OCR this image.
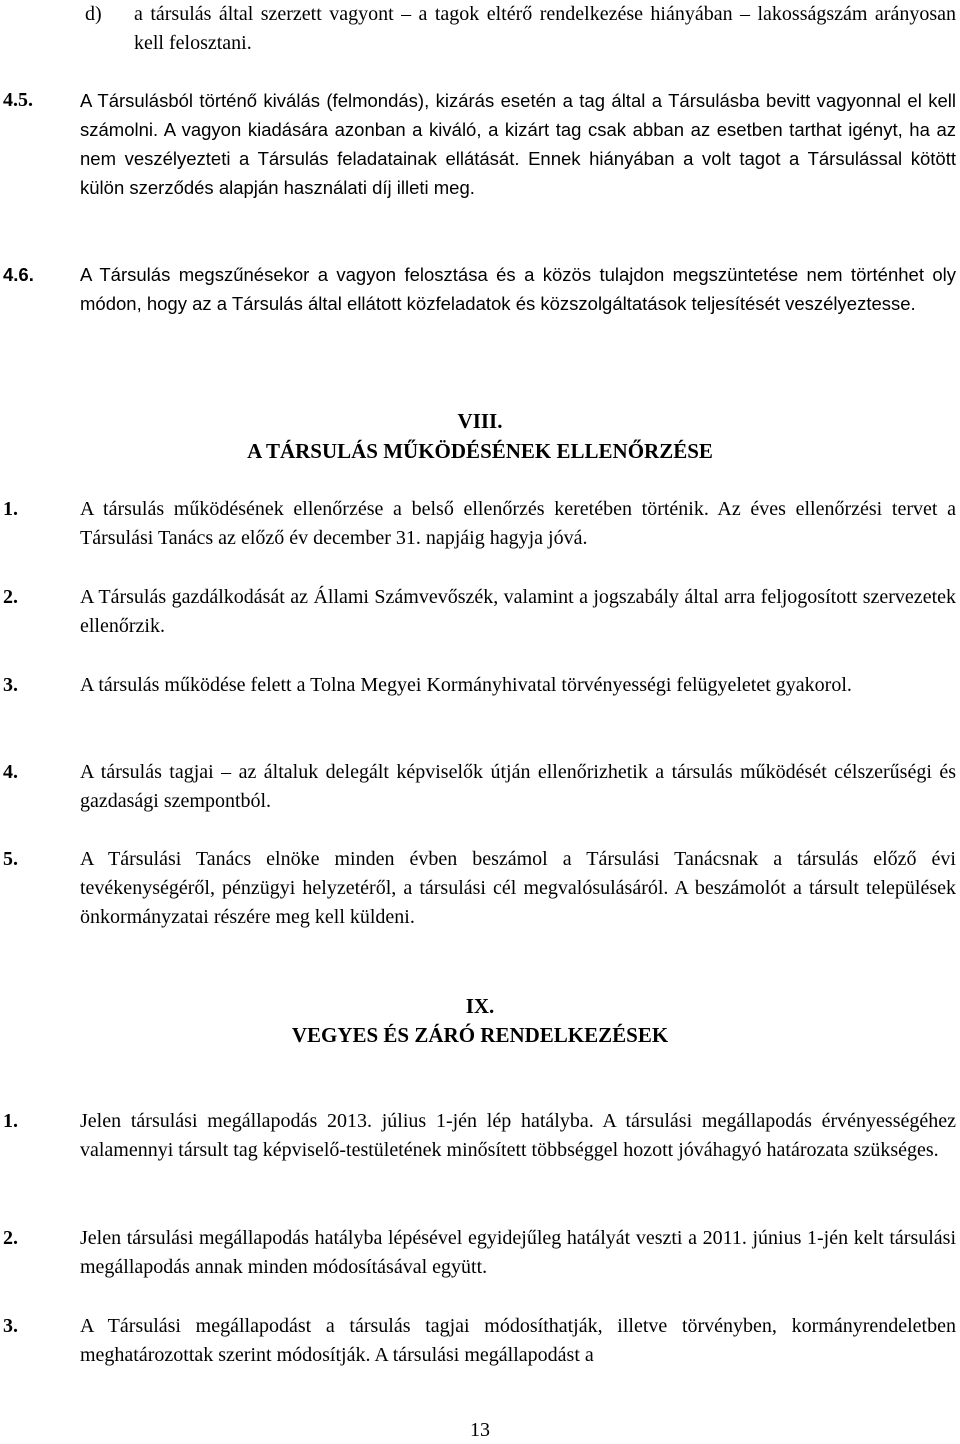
d) a társulás által szerzett vagyont – a tagok eltérő rendelkezése hiányában – lakosságszám arányosan kell felosztani.
4.5.	A Társulásból történő kiválás (felmondás), kizárás esetén a tag által a Társulásba bevitt vagyonnal el kell számolni. A vagyon kiadására azonban a kiváló, a kizárt tag csak abban az esetben tarthat igényt, ha az nem veszélyezteti a Társulás feladatainak ellátását. Ennek hiányában a volt tagot a Társulással kötött külön szerződés alapján használati díj illeti meg.
4.6. A Társulás megszűnésekor a vagyon felosztása és a közös tulajdon megszüntetése nem történhet oly módon, hogy az a Társulás által ellátott közfeladatok és közszolgáltatások teljesítését veszélyeztesse.
VIII.
A TÁRSULÁS MŰKÖDÉSÉNEK ELLENŐRZÉSE
1.	A társulás működésének ellenőrzése a belső ellenőrzés keretében történik. Az éves ellenőrzési tervet a Társulási Tanács az előző év december 31. napjáig hagyja jóvá.
2.	A Társulás gazdálkodását az Állami Számvevőszék, valamint a jogszabály által arra feljogosított szervezetek ellenőrzik.
3.	A társulás működése felett a Tolna Megyei Kormányhivatal törvényességi felügyeletet gyakorol.
4.	A társulás tagjai – az általuk delegált képviselők útján ellenőrizhetik a társulás működését célszerűségi és gazdasági szempontból.
5.	A Társulási Tanács elnöke minden évben beszámol a Társulási Tanácsnak a társulás előző évi tevékenységéről, pénzügyi helyzetéről, a társulási cél megvalósulásáról. A beszámolót a társult települések önkormányzatai részére meg kell küldeni.
IX.
VEGYES ÉS ZÁRÓ RENDELKEZÉSEK
1.	Jelen társulási megállapodás 2013. július 1-jén lép hatályba. A társulási megállapodás érvényességéhez valamennyi társult tag képviselő-testületének minősített többséggel hozott jóváhagyó határozata szükséges.
2.	Jelen társulási megállapodás hatályba lépésével egyidejűleg hatályát veszti a 2011. június 1-jén kelt társulási megállapodás annak minden módosításával együtt.
3.	A Társulási megállapodást a társulás tagjai módosíthatják, illetve törvényben, kormányrendeletben meghatározottak szerint módosítják. A társulási megállapodást a
13
